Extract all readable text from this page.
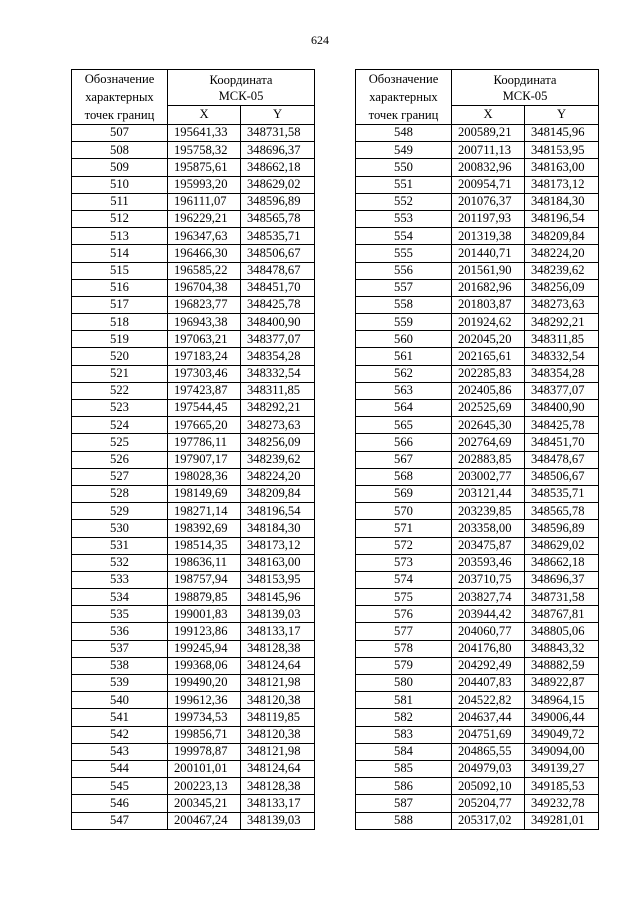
624
Обозначение
характерных
точек границ	Координата
МСК-05	
	X	Y
507	195641,33	348731,58
508	195758,32	348696,37
509	195875,61	348662,18
510	195993,20	348629,02
511	196111,07	348596,89
512	196229,21	348565,78
513	196347,63	348535,71
514	196466,30	348506,67
515	196585,22	348478,67
516	196704,38	348451,70
517	196823,77	348425,78
518	196943,38	348400,90
519	197063,21	348377,07
520	197183,24	348354,28
521	197303,46	348332,54
522	197423,87	348311,85
523	197544,45	348292,21
524	197665,20	348273,63
525	197786,11	348256,09
526	197907,17	348239,62
527	198028,36	348224,20
528	198149,69	348209,84
529	198271,14	348196,54
530	198392,69	348184,30
531	198514,35	348173,12
532	198636,11	348163,00
533	198757,94	348153,95
534	198879,85	348145,96
535	199001,83	348139,03
536	199123,86	348133,17
537	199245,94	348128,38
538	199368,06	348124,64
539	199490,20	348121,98
540	199612,36	348120,38
541	199734,53	348119,85
542	199856,71	348120,38
543	199978,87	348121,98
544	200101,01	348124,64
545	200223,13	348128,38
546	200345,21	348133,17
547	200467,24	348139,03
Обозначение
характерных
точек границ	Координата
МСК-05	
	X	Y
548	200589,21	348145,96
549	200711,13	348153,95
550	200832,96	348163,00
551	200954,71	348173,12
552	201076,37	348184,30
553	201197,93	348196,54
554	201319,38	348209,84
555	201440,71	348224,20
556	201561,90	348239,62
557	201682,96	348256,09
558	201803,87	348273,63
559	201924,62	348292,21
560	202045,20	348311,85
561	202165,61	348332,54
562	202285,83	348354,28
563	202405,86	348377,07
564	202525,69	348400,90
565	202645,30	348425,78
566	202764,69	348451,70
567	202883,85	348478,67
568	203002,77	348506,67
569	203121,44	348535,71
570	203239,85	348565,78
571	203358,00	348596,89
572	203475,87	348629,02
573	203593,46	348662,18
574	203710,75	348696,37
575	203827,74	348731,58
576	203944,42	348767,81
577	204060,77	348805,06
578	204176,80	348843,32
579	204292,49	348882,59
580	204407,83	348922,87
581	204522,82	348964,15
582	204637,44	349006,44
583	204751,69	349049,72
584	204865,55	349094,00
585	204979,03	349139,27
586	205092,10	349185,53
587	205204,77	349232,78
588	205317,02	349281,01
